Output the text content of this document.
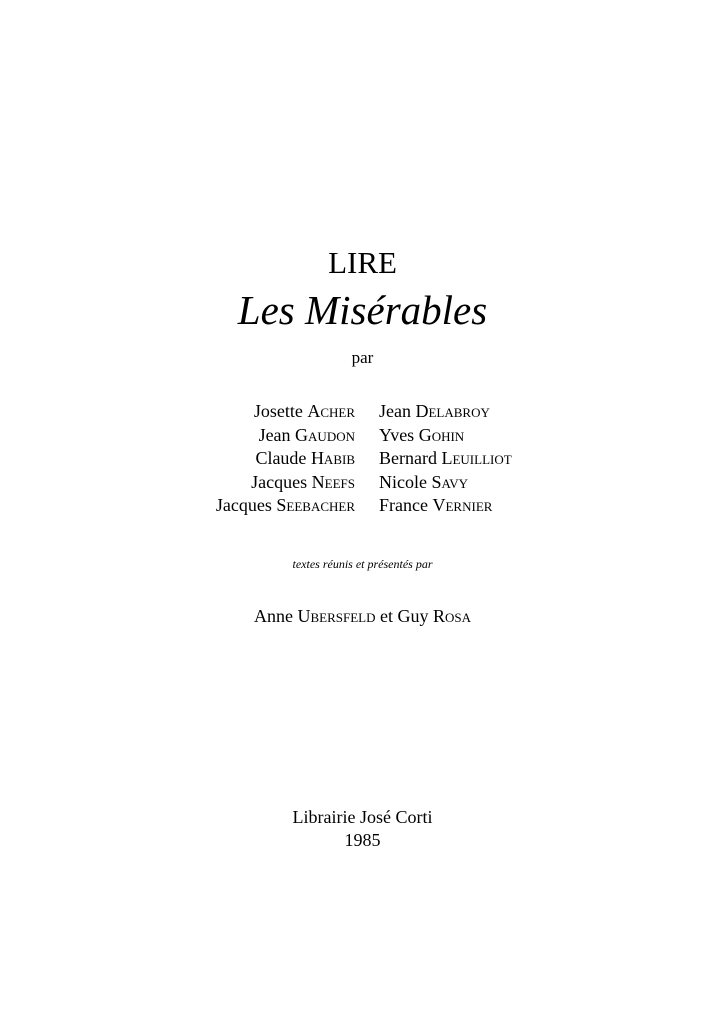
LIRE
Les Misérables
par
Josette Acher Jean Delabroy
Jean Gaudon Yves Gohin
Claude Habib Bernard Leuilliot
Jacques Neefs Nicole Savy
Jacques Seebacher France Vernier
textes réunis et présentés par
Anne Ubersfeld et Guy Rosa
Librairie José Corti
1985
